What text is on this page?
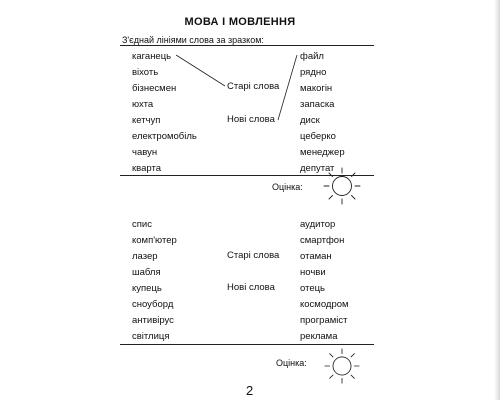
МОВА І МОВЛЕННЯ
З'єднай лініями слова за зразком:
каганець
віхоть
бізнесмен
юхта
кетчуп
електромобіль
чавун
кварта
Старі слова
Нові слова
файл
рядно
макогін
запаска
диск
цеберко
менеджер
депутат
Оцінка:
спис
комп'ютер
лазер
шабля
купець
сноуборд
антивірус
світлиця
Старі слова
Нові слова
аудитор
смартфон
отаман
ночви
отець
космодром
програміст
реклама
Оцінка:
2
